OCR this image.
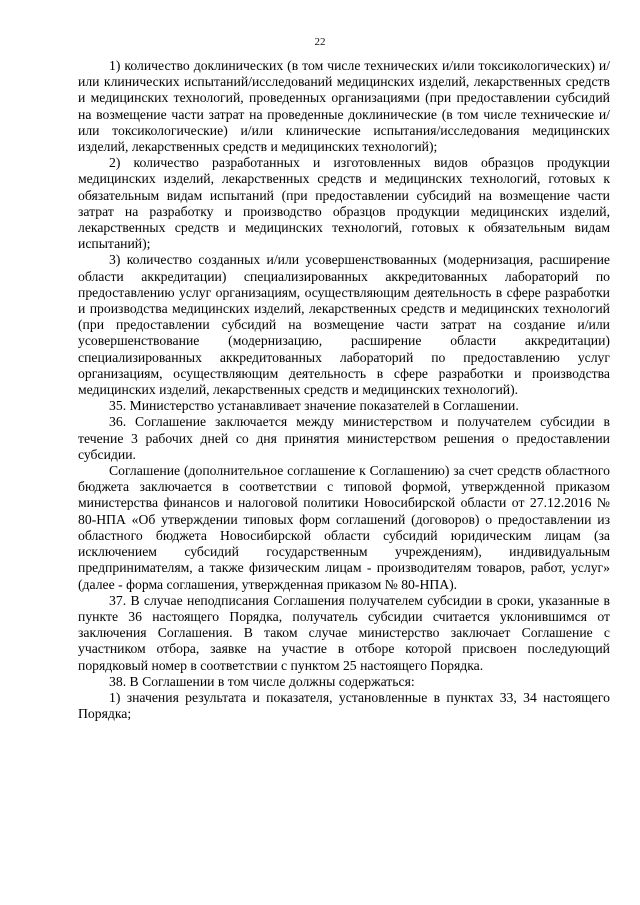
22

1) количество доклинических (в том числе технических и/или токсикологических) и/или клинических испытаний/исследований медицинских изделий, лекарственных средств и медицинских технологий, проведенных организациями (при предоставлении субсидий на возмещение части затрат на проведенные доклинические (в том числе технические и/или токсикологические) и/или клинические испытания/исследования медицинских изделий, лекарственных средств и медицинских технологий);

2) количество разработанных и изготовленных видов образцов продукции медицинских изделий, лекарственных средств и медицинских технологий, готовых к обязательным видам испытаний (при предоставлении субсидий на возмещение части затрат на разработку и производство образцов продукции медицинских изделий, лекарственных средств и медицинских технологий, готовых к обязательным видам испытаний);

3) количество созданных и/или усовершенствованных (модернизация, расширение области аккредитации) специализированных аккредитованных лабораторий по предоставлению услуг организациям, осуществляющим деятельность в сфере разработки и производства медицинских изделий, лекарственных средств и медицинских технологий (при предоставлении субсидий на возмещение части затрат на создание и/или усовершенствование (модернизацию, расширение области аккредитации) специализированных аккредитованных лабораторий по предоставлению услуг организациям, осуществляющим деятельность в сфере разработки и производства медицинских изделий, лекарственных средств и медицинских технологий).

35. Министерство устанавливает значение показателей в Соглашении.

36. Соглашение заключается между министерством и получателем субсидии в течение 3 рабочих дней со дня принятия министерством решения о предоставлении субсидии.

Соглашение (дополнительное соглашение к Соглашению) за счет средств областного бюджета заключается в соответствии с типовой формой, утвержденной приказом министерства финансов и налоговой политики Новосибирской области от 27.12.2016 № 80-НПА «Об утверждении типовых форм соглашений (договоров) о предоставлении из областного бюджета Новосибирской области субсидий юридическим лицам (за исключением субсидий государственным учреждениям), индивидуальным предпринимателям, а также физическим лицам - производителям товаров, работ, услуг» (далее - форма соглашения, утвержденная приказом № 80-НПА).

37. В случае неподписания Соглашения получателем субсидии в сроки, указанные в пункте 36 настоящего Порядка, получатель субсидии считается уклонившимся от заключения Соглашения. В таком случае министерство заключает Соглашение с участником отбора, заявке на участие в отборе которой присвоен последующий порядковый номер в соответствии с пунктом 25 настоящего Порядка.

38. В Соглашении в том числе должны содержаться:

1) значения результата и показателя, установленные в пунктах 33, 34 настоящего Порядка;
